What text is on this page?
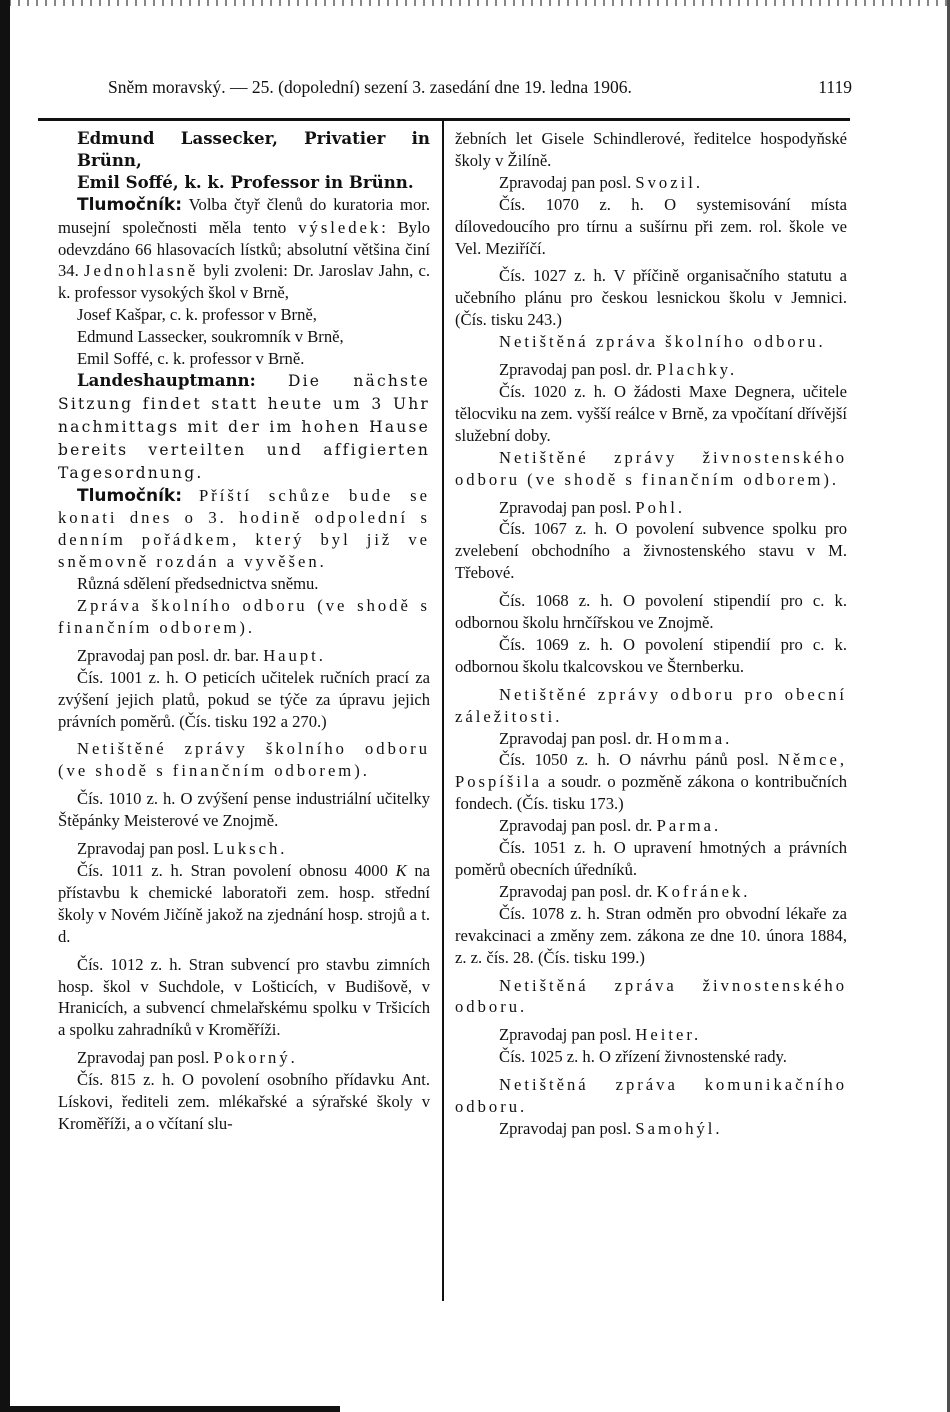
Sněm moravský. — 25. (dopolední) sezení 3. zasedání dne 19. ledna 1906.	1119

Edmund Lassecker, Privatier in Brünn,

Emil Soffé, k. k. Professor in Brünn.

Tlumočník: Volba čtyř členů do kuratoria mor. musejní společnosti měla tento výsledek: Bylo odevzdáno 66 hlasovacích lístků; absolutní většina činí 34. Jednohlasně byli zvoleni: Dr. Jaroslav Jahn, c. k. professor vysokých škol v Brně,

Josef Kašpar, c. k. professor v Brně,

Edmund Lassecker, soukromník v Brně,

Emil Soffé, c. k. professor v Brně.

Landeshauptmann: Die nächste Sitzung findet statt heute um 3 Uhr nachmittags mit der im hohen Hause bereits verteilten und affigierten Tagesordnung.

Tlumočník: Příští schůze bude se konati dnes o 3. hodině odpolední s denním pořádkem, který byl již ve sněmovně rozdán a vyvěšen.

Různá sdělení předsednictva sněmu.

Zpráva školního odboru (ve shodě s finančním odborem).

Zpravodaj pan posl. dr. bar. Haupt.

Čís. 1001 z. h. O peticích učitelek ručních prací za zvýšení jejich platů, pokud se týče za úpravu jejich právních poměrů. (Čís. tisku 192 a 270.)

Netištěné zprávy školního odboru (ve shodě s finančním odborem).

Čís. 1010 z. h. O zvýšení pense industriální učitelky Štěpánky Meisterové ve Znojmě.

Zpravodaj pan posl. Luksch.

Čís. 1011 z. h. Stran povolení obnosu 4000 K na přístavbu k chemické laboratoři zem. hosp. střední školy v Novém Jičíně jakož na zjednání hosp. strojů a t. d.

Čís. 1012 z. h. Stran subvencí pro stavbu zimních hosp. škol v Suchdole, v Lošticích, v Budišově, v Hranicích, a subvencí chmelařskému spolku v Tršicích a spolku zahradníků v Kroměříži.

Zpravodaj pan posl. Pokorný.

Čís. 815 z. h. O povolení osobního přídavku Ant. Lískovi, řediteli zem. mlékařské a sýrařské školy v Kroměříži, a o včítaní slu-

žebních let Gisele Schindlerové, ředitelce hospodyňské školy v Žilíně.

Zpravodaj pan posl. Svozil.

Čís. 1070 z. h. O systemisování místa dílovedoucího pro tírnu a sušírnu při zem. rol. škole ve Vel. Meziříčí.

Čís. 1027 z. h. V příčině organisačního statutu a učebního plánu pro českou lesnickou školu v Jemnici. (Čís. tisku 243.)

Netištěná zpráva školního odboru.

Zpravodaj pan posl. dr. Plachky.

Čís. 1020 z. h. O žádosti Maxe Degnera, učitele tělocviku na zem. vyšší reálce v Brně, za vpočítaní dřívější služební doby.

Netištěné zprávy živnostenského odboru (ve shodě s finančním odborem).

Zpravodaj pan posl. Pohl.

Čís. 1067 z. h. O povolení subvence spolku pro zvelebení obchodního a živnostenského stavu v M. Třebové.

Čís. 1068 z. h. O povolení stipendií pro c. k. odbornou školu hrnčířskou ve Znojmě.

Čís. 1069 z. h. O povolení stipendií pro c. k. odbornou školu tkalcovskou ve Šternberku.

Netištěné zprávy odboru pro obecní záležitosti.

Zpravodaj pan posl. dr. Homma.

Čís. 1050 z. h. O návrhu pánů posl. Němce, Pospíšila a soudr. o pozměně zákona o kontribučních fondech. (Čís. tisku 173.)

Zpravodaj pan posl. dr. Parma.

Čís. 1051 z. h. O upravení hmotných a právních poměrů obecních úředníků.

Zpravodaj pan posl. dr. Kofránek.

Čís. 1078 z. h. Stran odměn pro obvodní lékaře za revakcinaci a změny zem. zákona ze dne 10. února 1884, z. z. čís. 28. (Čís. tisku 199.)

Netištěná zpráva živnostenského odboru.

Zpravodaj pan posl. Heiter.

Čís. 1025 z. h. O zřízení živnostenské rady.

Netištěná zpráva komunikačního odboru.

Zpravodaj pan posl. Samohýl.
